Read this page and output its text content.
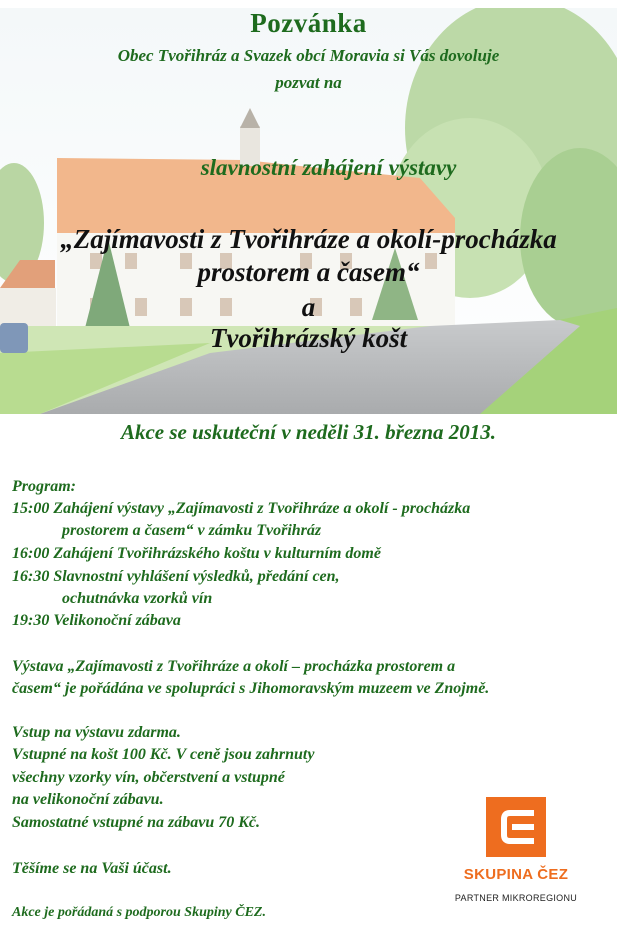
Pozvánka
Obec Tvořihráz a Svazek obcí Moravia si Vás dovoluje
pozvat na
slavnostní zahájení výstavy
„Zajímavosti z Tvořihráze a okolí-procházka
prostorem a časem“
a
Tvořihrázský košt
Akce se uskuteční v neděli 31. března 2013.
Program:
15:00 Zahájení výstavy „Zajímavosti z Tvořihráze a okolí - procházka
prostorem a časem“ v zámku Tvořihráz
16:00 Zahájení Tvořihrázského koštu v kulturním domě
16:30 Slavnostní vyhlášení výsledků, předání cen,
ochutnávka vzorků vín
19:30 Velikonoční zábava
Výstava „Zajímavosti z Tvořihráze a okolí – procházka prostorem a
časem“ je pořádána ve spolupráci s Jihomoravským muzeem ve Znojmě.
Vstup na výstavu zdarma.
Vstupné na košt 100 Kč. V ceně jsou zahrnuty
všechny vzorky vín, občerstvení a vstupné
na velikonoční zábavu.
Samostatné vstupné na zábavu 70 Kč.
Těšíme se na Vaši účast.
Akce je pořádaná s podporou Skupiny ČEZ.
SKUPINA ČEZ
PARTNER MIKROREGIONU
